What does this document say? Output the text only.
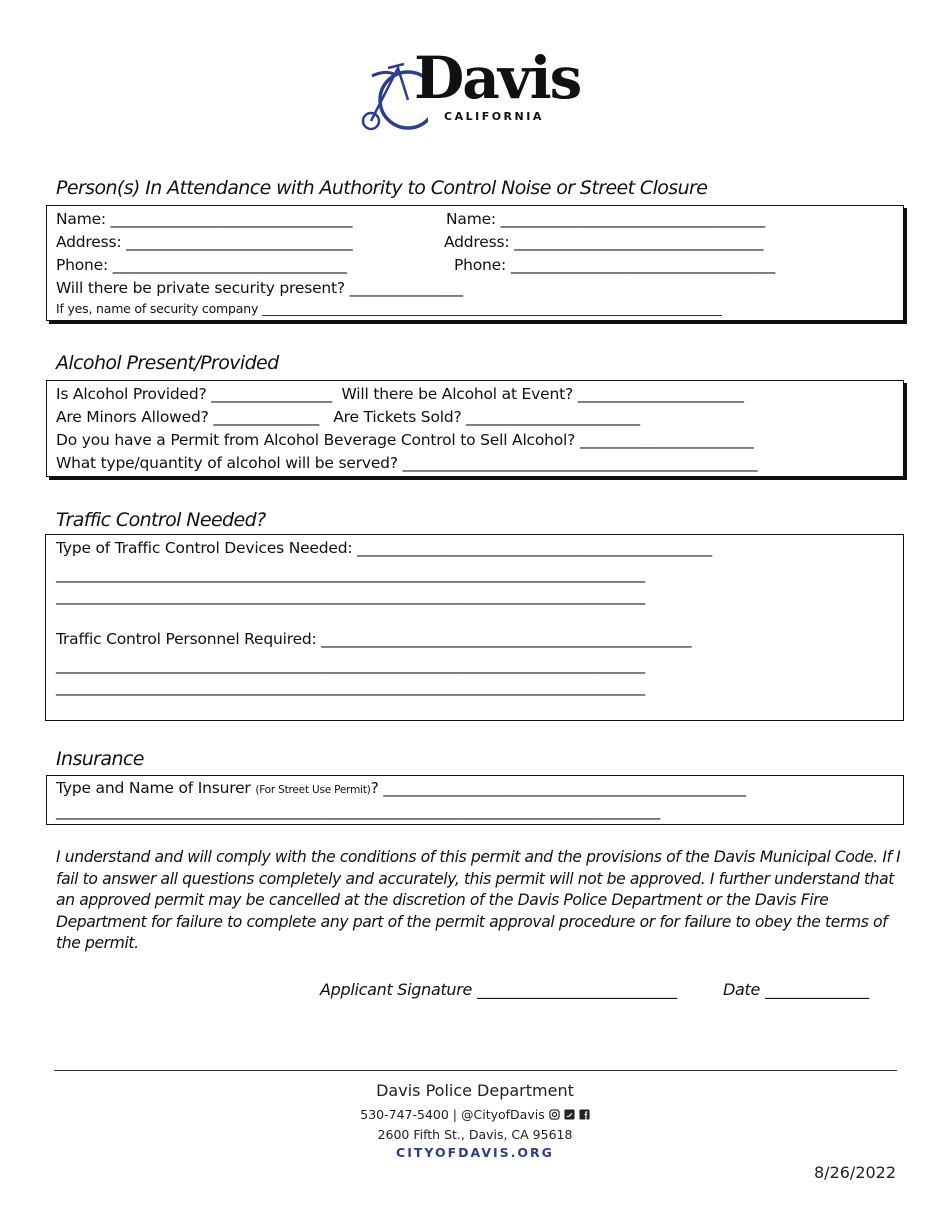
Davis
CALIFORNIA
Person(s) In Attendance with Authority to Control Noise or Street Closure
Name: ________________________________	Name: ___________________________________
Address: ______________________________	Address: _________________________________
Phone: _______________________________	Phone: ___________________________________
Will there be private security present? _______________
If yes, name of security company ____________________________________________________________________________
Alcohol Present/Provided
Is Alcohol Provided? ________________  Will there be Alcohol at Event? ______________________
Are Minors Allowed? ______________   Are Tickets Sold? _______________________
Do you have a Permit from Alcohol Beverage Control to Sell Alcohol? _______________________
What type/quantity of alcohol will be served? _______________________________________________
Traffic Control Needed?
Type of Traffic Control Devices Needed: _______________________________________________
______________________________________________________________________________
______________________________________________________________________________
Traffic Control Personnel Required: _________________________________________________
______________________________________________________________________________
______________________________________________________________________________
Insurance
Type and Name of Insurer (For Street Use Permit)? ________________________________________________
________________________________________________________________________________
I understand and will comply with the conditions of this permit and the provisions of the Davis Municipal Code. If I fail to answer all questions completely and accurately, this permit will not be approved. I further understand that an approved permit may be cancelled at the discretion of the Davis Police Department or the Davis Fire Department for failure to complete any part of the permit approval procedure or for failure to obey the terms of the permit.
Applicant Signature _________________________	Date _____________
Davis Police Department
530-747-5400 | @CityofDavis
2600 Fifth St., Davis, CA 95618
CITYOFDAVIS.ORG
8/26/2022
